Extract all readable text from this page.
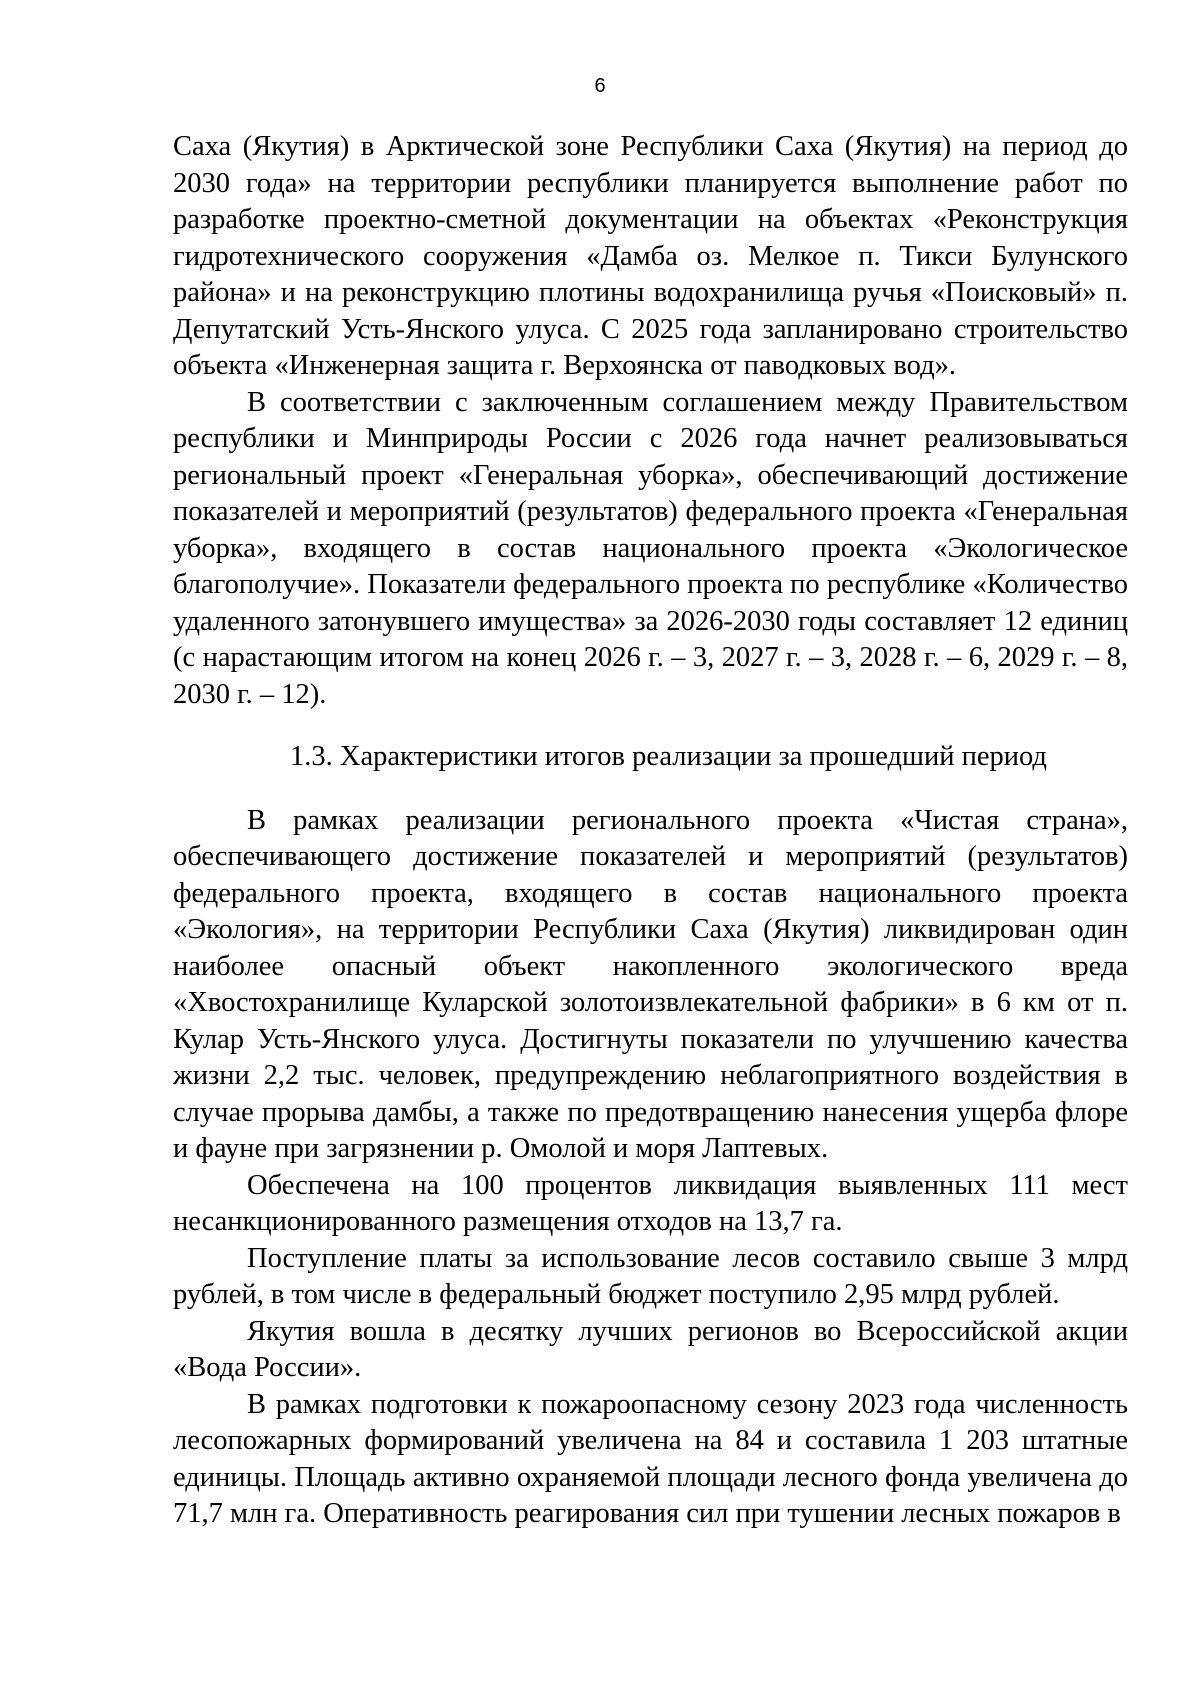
6

Саха (Якутия) в Арктической зоне Республики Саха (Якутия) на период до 2030 года» на территории республики планируется выполнение работ по разработке проектно-сметной документации на объектах «Реконструкция гидротехнического сооружения «Дамба оз. Мелкое п. Тикси Булунского района» и на реконструкцию плотины водохранилища ручья «Поисковый» п. Депутатский Усть-Янского улуса. С 2025 года запланировано строительство объекта «Инженерная защита г. Верхоянска от паводковых вод».

В соответствии с заключенным соглашением между Правительством республики и Минприроды России с 2026 года начнет реализовываться региональный проект «Генеральная уборка», обеспечивающий достижение показателей и мероприятий (результатов) федерального проекта «Генеральная уборка», входящего в состав национального проекта «Экологическое благополучие». Показатели федерального проекта по республике «Количество удаленного затонувшего имущества» за 2026-2030 годы составляет 12 единиц (с нарастающим итогом на конец 2026 г. – 3, 2027 г. – 3, 2028 г. – 6, 2029 г. – 8, 2030 г. – 12).

1.3. Характеристики итогов реализации за прошедший период

В рамках реализации регионального проекта «Чистая страна», обеспечивающего достижение показателей и мероприятий (результатов) федерального проекта, входящего в состав национального проекта «Экология», на территории Республики Саха (Якутия) ликвидирован один наиболее опасный объект накопленного экологического вреда «Хвостохранилище Куларской золотоизвлекательной фабрики» в 6 км от п. Кулар Усть-Янского улуса. Достигнуты показатели по улучшению качества жизни 2,2 тыс. человек, предупреждению неблагоприятного воздействия в случае прорыва дамбы, а также по предотвращению нанесения ущерба флоре и фауне при загрязнении р. Омолой и моря Лаптевых.

Обеспечена на 100 процентов ликвидация выявленных 111 мест несанкционированного размещения отходов на 13,7 га.

Поступление платы за использование лесов составило свыше 3 млрд рублей, в том числе в федеральный бюджет поступило 2,95 млрд рублей.

Якутия вошла в десятку лучших регионов во Всероссийской акции «Вода России».

В рамках подготовки к пожароопасному сезону 2023 года численность лесопожарных формирований увеличена на 84 и составила 1 203 штатные единицы. Площадь активно охраняемой площади лесного фонда увеличена до 71,7 млн га. Оперативность реагирования сил при тушении лесных пожаров в
